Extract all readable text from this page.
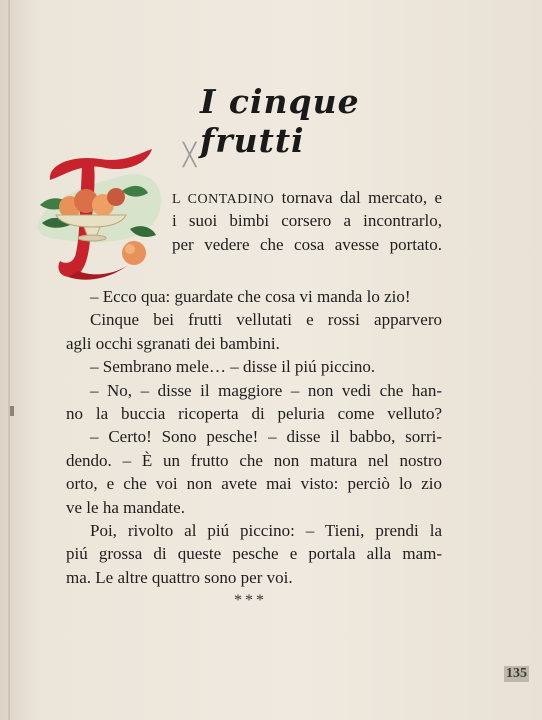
I cinque frutti
╳
L CONTADINO tornava dal mercato, e
i suoi bimbi corsero a incontrarlo,
per vedere che cosa avesse portato.
– Ecco qua: guardate che cosa vi manda lo zio!
Cinque bei frutti vellutati e rossi apparvero
agli occhi sgranati dei bambini.
– Sembrano mele… – disse il piú piccino.
– No, – disse il maggiore – non vedi che han-
no la buccia ricoperta di peluria come velluto?
– Certo! Sono pesche! – disse il babbo, sorri-
dendo. – È un frutto che non matura nel nostro
orto, e che voi non avete mai visto: perciò lo zio
ve le ha mandate.
Poi, rivolto al piú piccino: – Tieni, prendi la
piú grossa di queste pesche e portala alla mam-
ma. Le altre quattro sono per voi.
***
135
